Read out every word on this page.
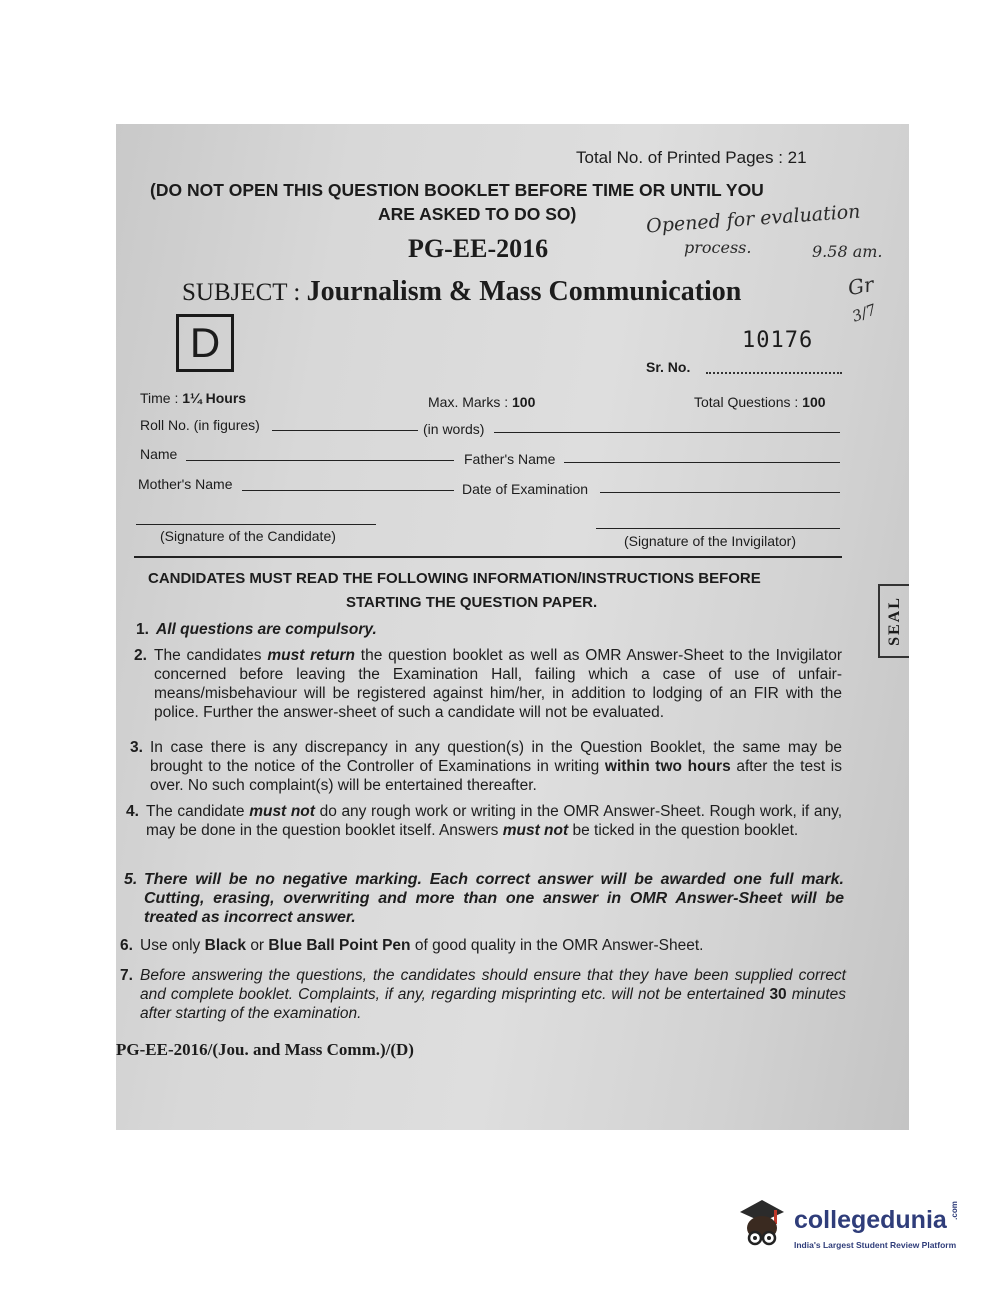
Total No. of Printed Pages : 21
(DO NOT OPEN THIS QUESTION BOOKLET BEFORE TIME OR UNTIL YOU
ARE ASKED TO DO SO)	Opened for evaluation
process.	9.58 am.
Gr
3/7
PG-EE-2016
SUBJECT : Journalism & Mass Communication
D	10176
Sr. No.
Time : 1¼ Hours	Max. Marks : 100	Total Questions : 100
Roll No. (in figures)	(in words)
Name	Father's Name
Mother's Name	Date of Examination
(Signature of the Candidate)	(Signature of the Invigilator)
CANDIDATES MUST READ THE FOLLOWING INFORMATION/INSTRUCTIONS BEFORE
STARTING THE QUESTION PAPER.	SEAL
1. All questions are compulsory.
2. The candidates must return the question booklet as well as OMR Answer-Sheet to the Invigilator concerned before leaving the Examination Hall, failing which a case of use of unfair-means/misbehaviour will be registered against him/her, in addition to lodging of an FIR with the police. Further the answer-sheet of such a candidate will not be evaluated.
3. In case there is any discrepancy in any question(s) in the Question Booklet, the same may be brought to the notice of the Controller of Examinations in writing within two hours after the test is over. No such complaint(s) will be entertained thereafter.
4. The candidate must not do any rough work or writing in the OMR Answer-Sheet. Rough work, if any, may be done in the question booklet itself. Answers must not be ticked in the question booklet.
5. There will be no negative marking. Each correct answer will be awarded one full mark. Cutting, erasing, overwriting and more than one answer in OMR Answer-Sheet will be treated as incorrect answer.
6. Use only Black or Blue Ball Point Pen of good quality in the OMR Answer-Sheet.
7. Before answering the questions, the candidates should ensure that they have been supplied correct and complete booklet. Complaints, if any, regarding misprinting etc. will not be entertained 30 minutes after starting of the examination.
PG-EE-2016/(Jou. and Mass Comm.)/(D)
collegedunia .com
India's Largest Student Review Platform
